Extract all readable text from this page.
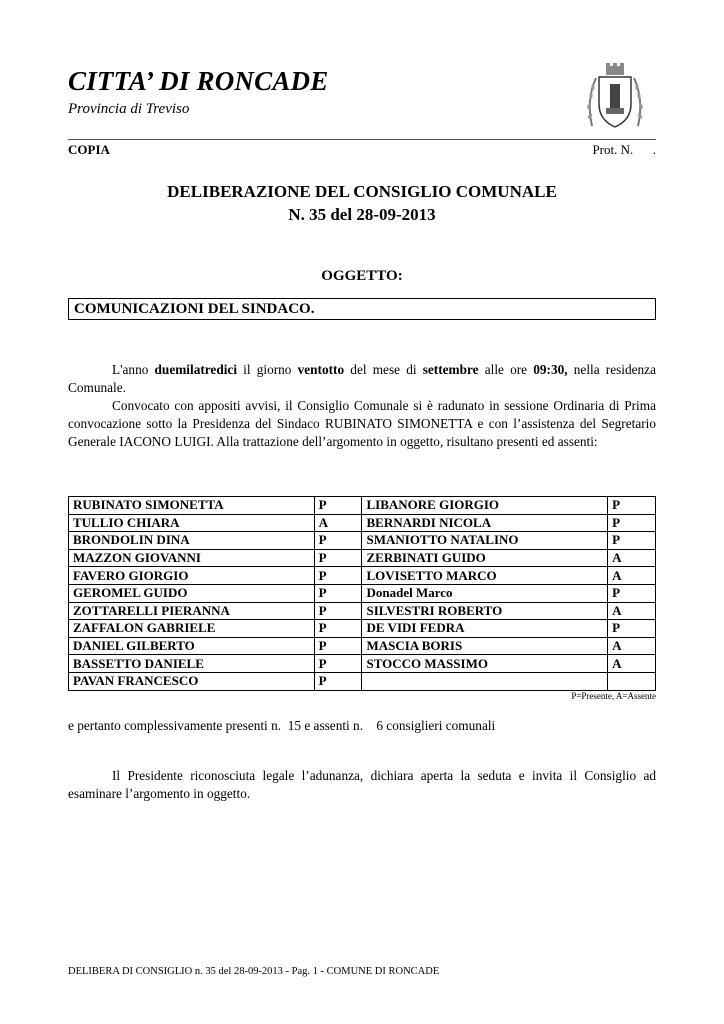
CITTA’ DI RONCADE
Provincia di Treviso
COPIA	Prot. N.      .
DELIBERAZIONE DEL CONSIGLIO COMUNALE
N. 35 del 28-09-2013
OGGETTO:
COMUNICAZIONI DEL SINDACO.
L'anno duemilatredici il giorno ventotto del mese di settembre alle ore 09:30, nella residenza Comunale.
Convocato con appositi avvisi, il Consiglio Comunale si è radunato in sessione Ordinaria di Prima convocazione sotto la Presidenza del Sindaco RUBINATO SIMONETTA e con l’assistenza del Segretario Generale IACONO LUIGI. Alla trattazione dell’argomento in oggetto, risultano presenti ed assenti:
RUBINATO SIMONETTA	P	LIBANORE GIORGIO	P
TULLIO CHIARA	A	BERNARDI NICOLA	P
BRONDOLIN DINA	P	SMANIOTTO NATALINO	P
MAZZON GIOVANNI	P	ZERBINATI GUIDO	A
FAVERO GIORGIO	P	LOVISETTO MARCO	A
GEROMEL GUIDO	P	Donadel Marco	P
ZOTTARELLI PIERANNA	P	SILVESTRI ROBERTO	A
ZAFFALON GABRIELE	P	DE VIDI FEDRA	P
DANIEL GILBERTO	P	MASCIA BORIS	A
BASSETTO DANIELE	P	STOCCO MASSIMO	A
PAVAN FRANCESCO	P		
P=Presente, A=Assente
e pertanto complessivamente presenti n.  15 e assenti n.    6 consiglieri comunali
Il Presidente riconosciuta legale l’adunanza, dichiara aperta la seduta e invita il Consiglio ad esaminare l’argomento in oggetto.
DELIBERA DI CONSIGLIO n. 35 del 28-09-2013 - Pag. 1 - COMUNE DI RONCADE
